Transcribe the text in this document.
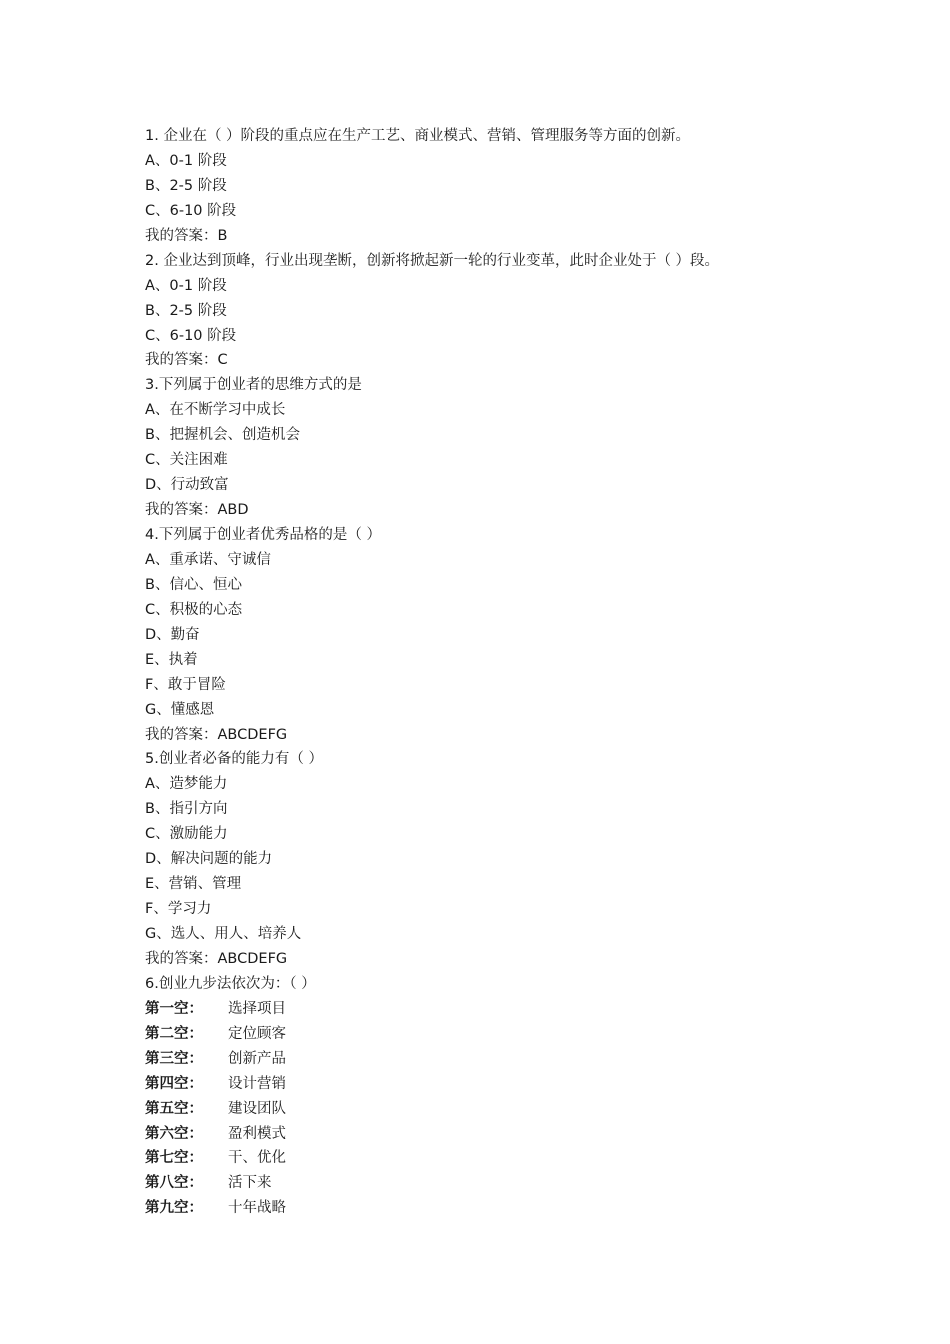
1. 企业在（ ）阶段的重点应在生产工艺、商业模式、营销、管理服务等方面的创新。
A、0-1 阶段
B、2-5 阶段
C、6-10 阶段
我的答案：B
2. 企业达到顶峰，行业出现垄断，创新将掀起新一轮的行业变革，此时企业处于（ ）段。
A、0-1 阶段
B、2-5 阶段
C、6-10 阶段
我的答案：C
3.下列属于创业者的思维方式的是
A、在不断学习中成长
B、把握机会、创造机会
C、关注困难
D、行动致富
我的答案：ABD
4.下列属于创业者优秀品格的是（ ）
A、重承诺、守诚信
B、信心、恒心
C、积极的心态
D、勤奋
E、执着
F、敢于冒险
G、懂感恩
我的答案：ABCDEFG
5.创业者必备的能力有（ ）
A、造梦能力
B、指引方向
C、激励能力
D、解决问题的能力
E、营销、管理
F、学习力
G、选人、用人、培养人
我的答案：ABCDEFG
6.创业九步法依次为：（ ）
第一空：	选择项目
第二空：	定位顾客
第三空：	创新产品
第四空：	设计营销
第五空：	建设团队
第六空：	盈利模式
第七空：	干、优化
第八空：	活下来
第九空：	十年战略
